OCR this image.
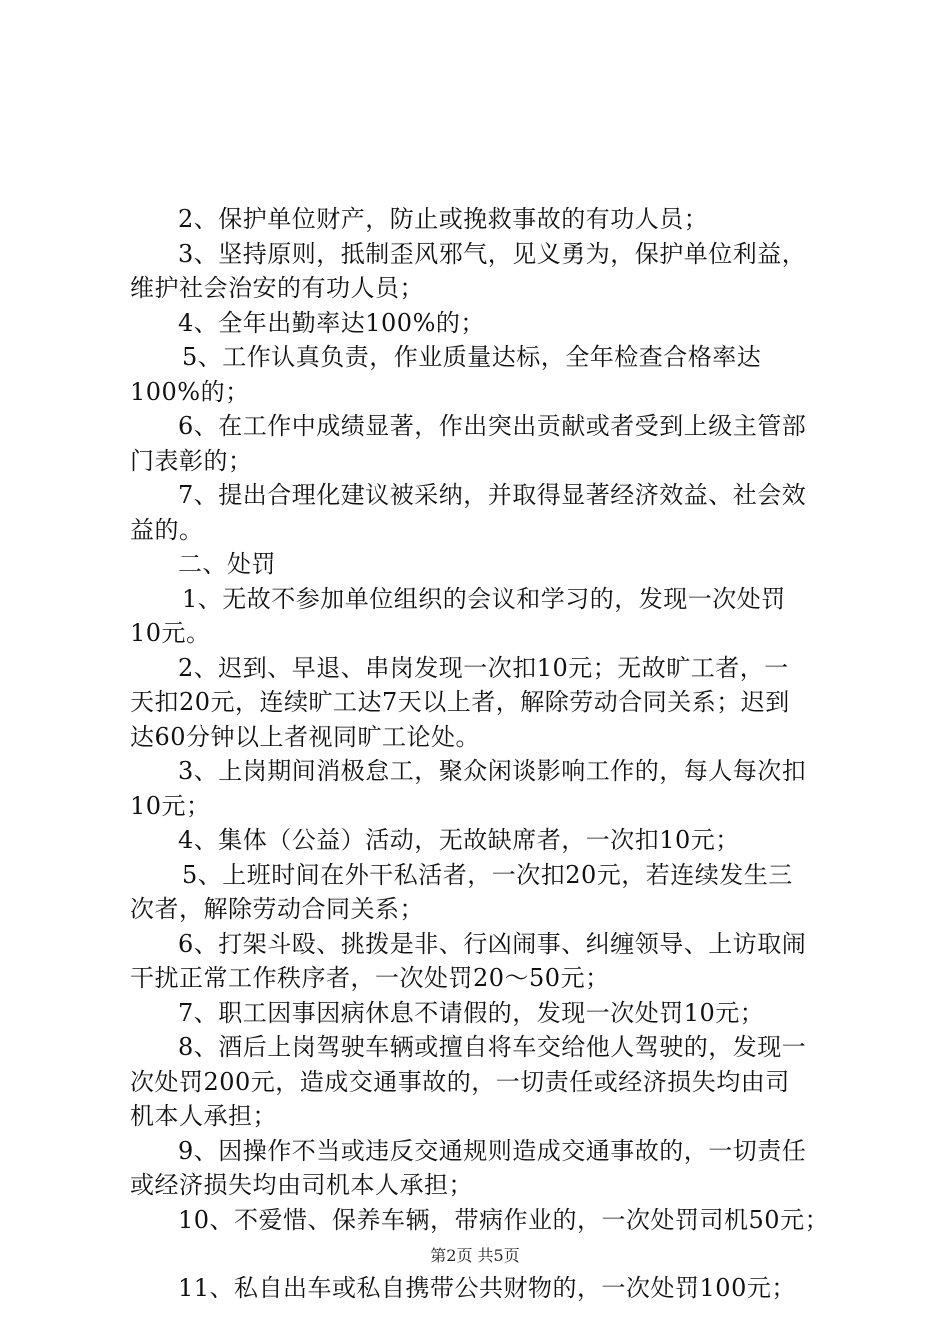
2、保护单位财产，防止或挽救事故的有功人员；
3、坚持原则，抵制歪风邪气，见义勇为，保护单位利益，
维护社会治安的有功人员；
4、全年出勤率达100%的；
5、工作认真负责，作业质量达标，全年检查合格率达
100%的；
6、在工作中成绩显著，作出突出贡献或者受到上级主管部
门表彰的；
7、提出合理化建议被采纳，并取得显著经济效益、社会效
益的。
二、处罚
1、无故不参加单位组织的会议和学习的，发现一次处罚
10元。
2、迟到、早退、串岗发现一次扣10元；无故旷工者，一
天扣20元，连续旷工达7天以上者，解除劳动合同关系；迟到
达60分钟以上者视同旷工论处。
3、上岗期间消极怠工，聚众闲谈影响工作的，每人每次扣
10元；
4、集体（公益）活动，无故缺席者，一次扣10元；
5、上班时间在外干私活者，一次扣20元，若连续发生三
次者，解除劳动合同关系；
6、打架斗殴、挑拨是非、行凶闹事、纠缠领导、上访取闹
干扰正常工作秩序者，一次处罚20～50元；
7、职工因事因病休息不请假的，发现一次处罚10元；
8、酒后上岗驾驶车辆或擅自将车交给他人驾驶的，发现一
次处罚200元，造成交通事故的，一切责任或经济损失均由司
机本人承担；
9、因操作不当或违反交通规则造成交通事故的，一切责任
或经济损失均由司机本人承担；
10、不爱惜、保养车辆，带病作业的，一次处罚司机50元；
11、私自出车或私自携带公共财物的，一次处罚100元；
第2页 共5页
